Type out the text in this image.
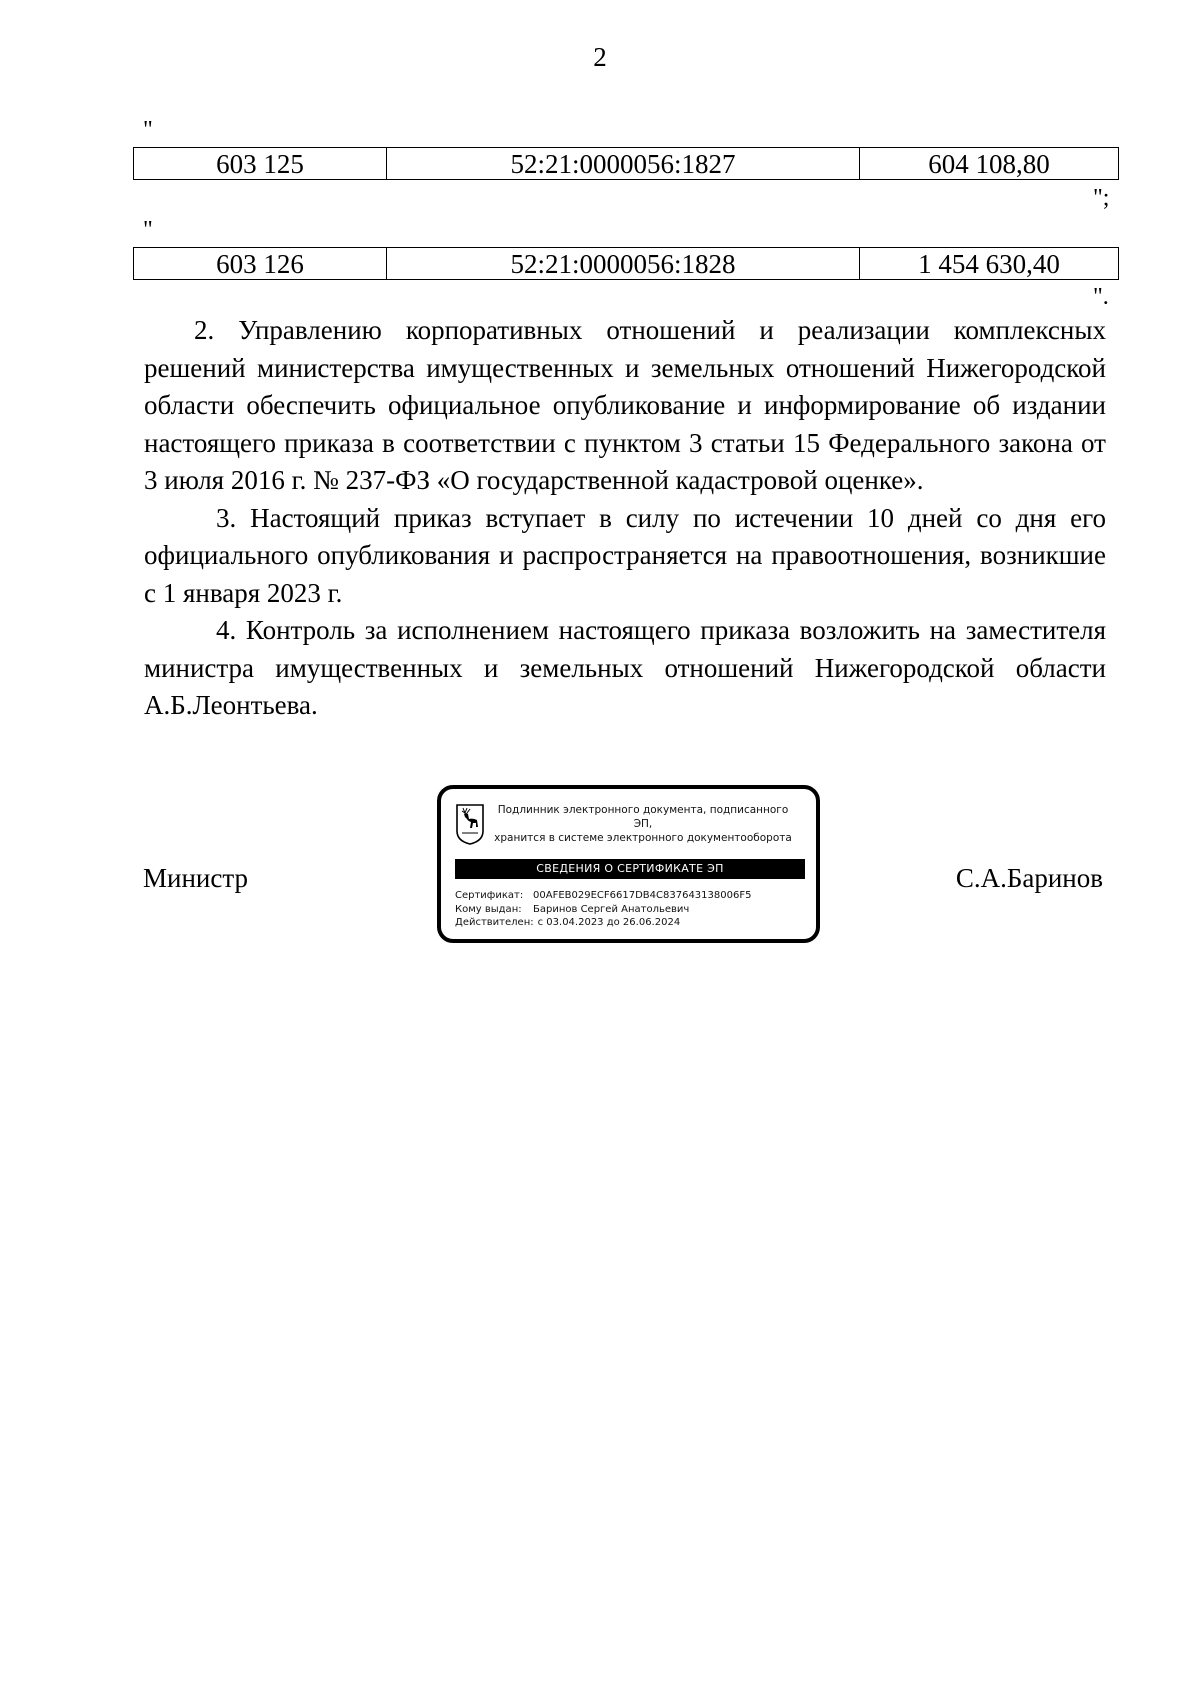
2
"
603 125	52:21:0000056:1827	604 108,80
";
"
603 126	52:21:0000056:1828	1 454 630,40
".

2. Управлению корпоративных отношений и реализации комплексных решений министерства имущественных и земельных отношений Нижегородской области обеспечить официальное опубликование и информирование об издании настоящего приказа в соответствии с пунктом 3 статьи 15 Федерального закона от 3 июля 2016 г. № 237-ФЗ «О государственной кадастровой оценке».

3. Настоящий приказ вступает в силу по истечении 10 дней со дня его официального опубликования и распространяется на правоотношения, возникшие с 1 января 2023 г.

4. Контроль за исполнением настоящего приказа возложить на заместителя министра имущественных и земельных отношений Нижегородской области А.Б.Леонтьева.

Министр	С.А.Баринов
Подлинник электронного документа, подписанного ЭП,
хранится в системе электронного документооборота
СВЕДЕНИЯ О СЕРТИФИКАТЕ ЭП
Сертификат: 00AFEB029ECF6617DB4C837643138006F5
Кому выдан: Баринов Сергей Анатольевич
Действителен: с 03.04.2023 до 26.06.2024
